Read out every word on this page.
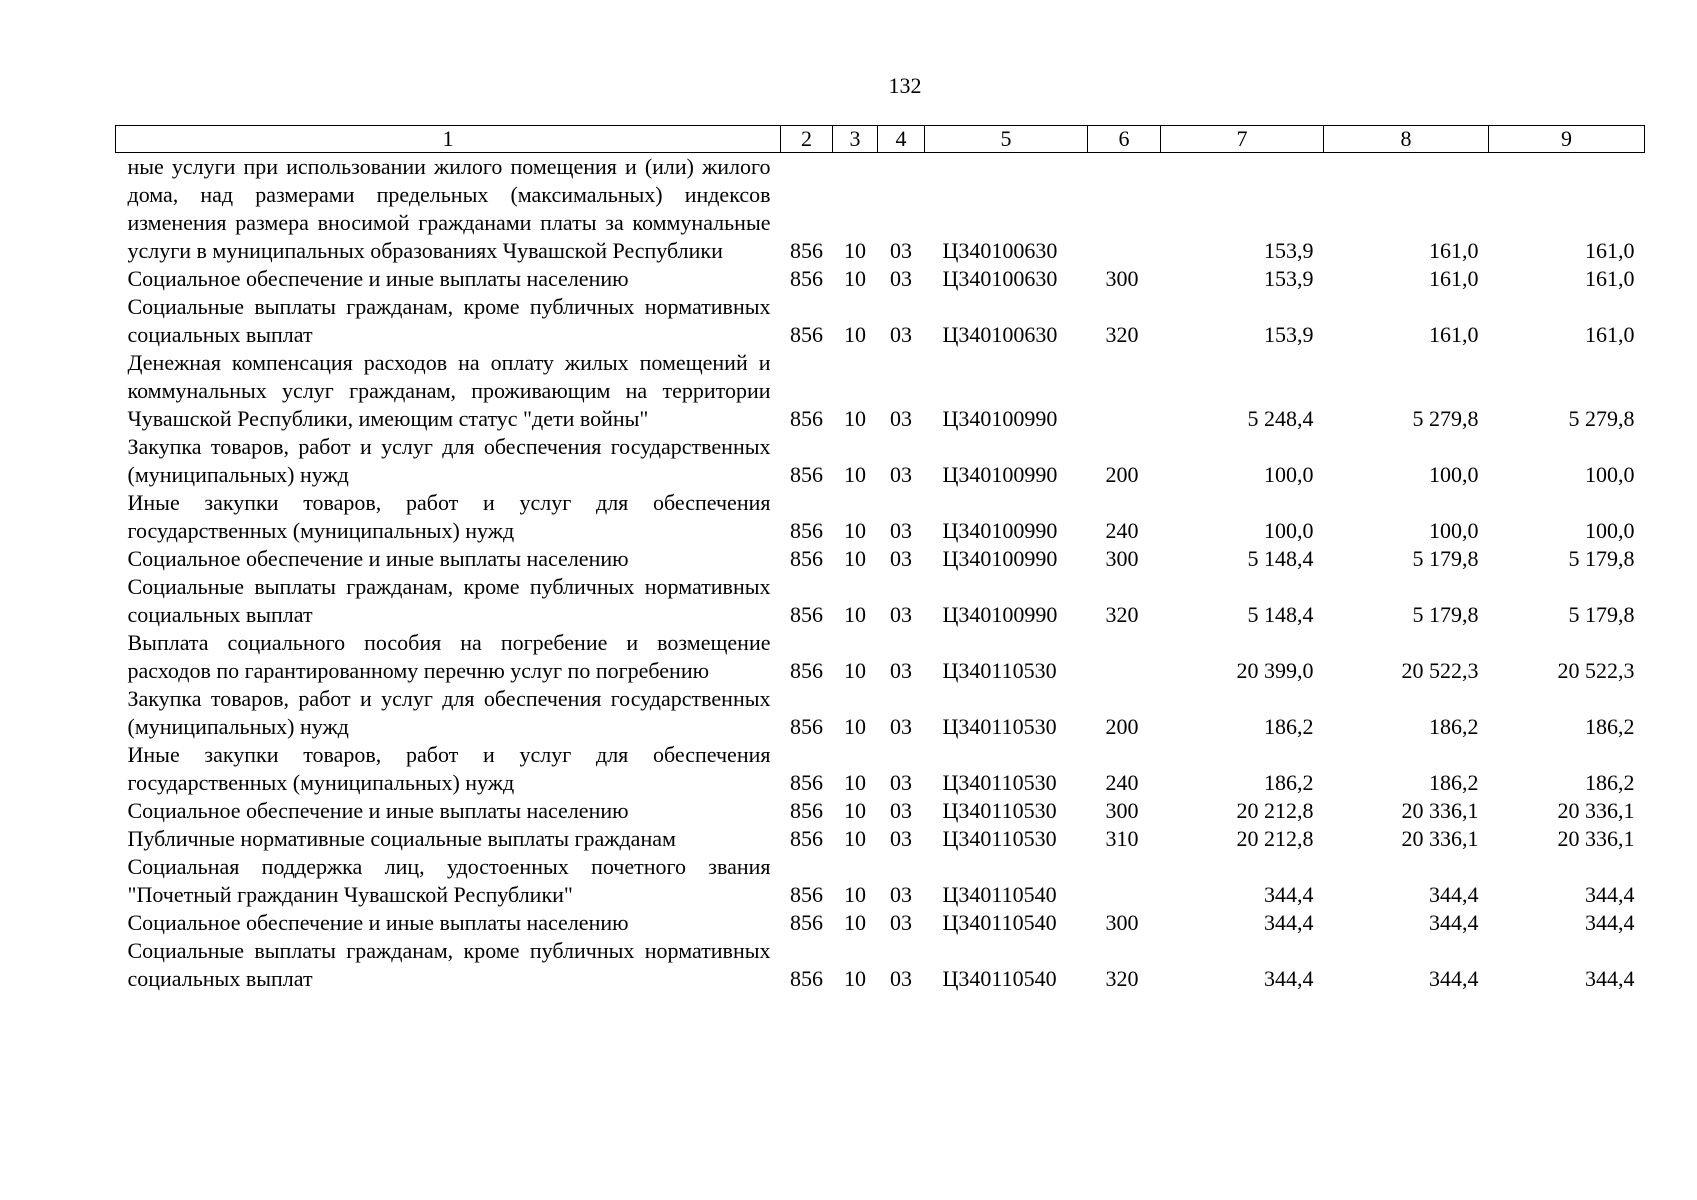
132
1	2	3	4	5	6	7	8	9
ные услуги при использовании жилого помещения и (или) жилого дома, над размерами предельных (максимальных) индексов изменения размера вносимой гражданами платы за коммунальные услуги в муниципальных образованиях Чувашской Республики	856	10	03	Ц340100630		153,9	161,0	161,0
Социальное обеспечение и иные выплаты населению	856	10	03	Ц340100630	300	153,9	161,0	161,0
Социальные выплаты гражданам, кроме публичных нормативных социальных выплат	856	10	03	Ц340100630	320	153,9	161,0	161,0
Денежная компенсация расходов на оплату жилых помещений и коммунальных услуг гражданам, проживающим на территории Чувашской Республики, имеющим статус "дети войны"	856	10	03	Ц340100990		5 248,4	5 279,8	5 279,8
Закупка товаров, работ и услуг для обеспечения государственных (муниципальных) нужд	856	10	03	Ц340100990	200	100,0	100,0	100,0
Иные закупки товаров, работ и услуг для обеспечения государственных (муниципальных) нужд	856	10	03	Ц340100990	240	100,0	100,0	100,0
Социальное обеспечение и иные выплаты населению	856	10	03	Ц340100990	300	5 148,4	5 179,8	5 179,8
Социальные выплаты гражданам, кроме публичных нормативных социальных выплат	856	10	03	Ц340100990	320	5 148,4	5 179,8	5 179,8
Выплата социального пособия на погребение и возмещение расходов по гарантированному перечню услуг по погребению	856	10	03	Ц340110530		20 399,0	20 522,3	20 522,3
Закупка товаров, работ и услуг для обеспечения государственных (муниципальных) нужд	856	10	03	Ц340110530	200	186,2	186,2	186,2
Иные закупки товаров, работ и услуг для обеспечения государственных (муниципальных) нужд	856	10	03	Ц340110530	240	186,2	186,2	186,2
Социальное обеспечение и иные выплаты населению	856	10	03	Ц340110530	300	20 212,8	20 336,1	20 336,1
Публичные нормативные социальные выплаты гражданам	856	10	03	Ц340110530	310	20 212,8	20 336,1	20 336,1
Социальная поддержка лиц, удостоенных почетного звания "Почетный гражданин Чувашской Республики"	856	10	03	Ц340110540		344,4	344,4	344,4
Социальное обеспечение и иные выплаты населению	856	10	03	Ц340110540	300	344,4	344,4	344,4
Социальные выплаты гражданам, кроме публичных нормативных социальных выплат	856	10	03	Ц340110540	320	344,4	344,4	344,4
